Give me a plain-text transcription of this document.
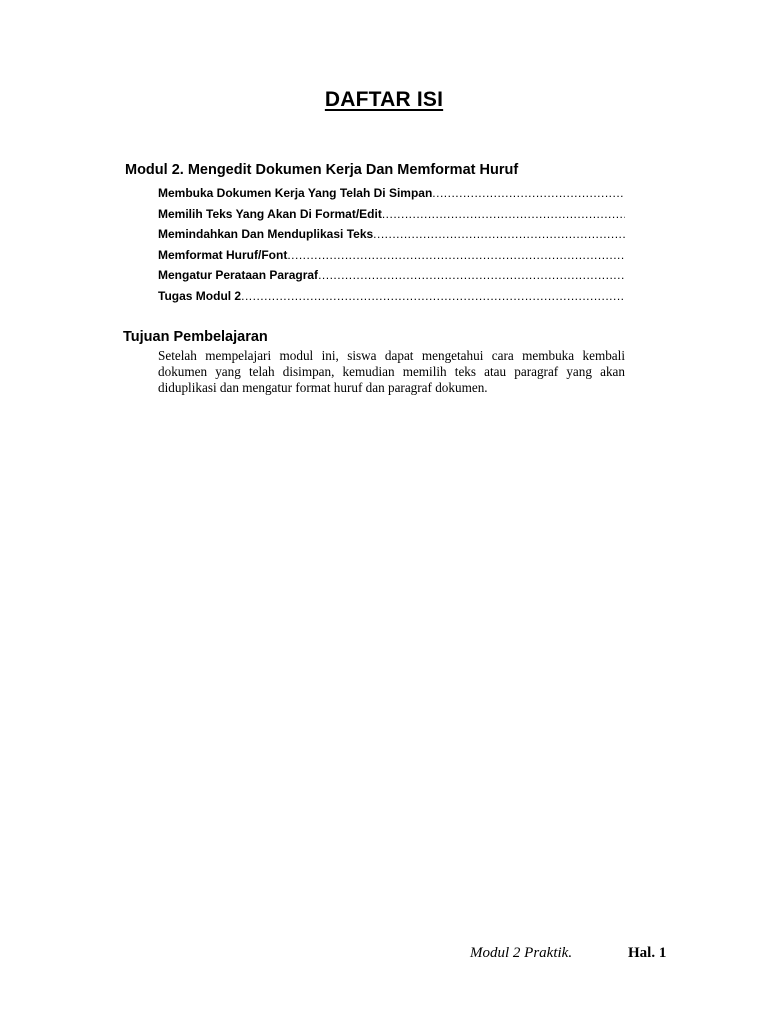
DAFTAR ISI
Modul 2. Mengedit Dokumen Kerja Dan Memformat Huruf
Membuka Dokumen Kerja Yang Telah Di Simpan
.....
Memilih Teks Yang Akan Di Format/Edit
.....
Memindahkan Dan Menduplikasi Teks
.....
Memformat Huruf/Font
.....
Mengatur Perataan Paragraf
.....
Tugas Modul 2
.....
Tujuan Pembelajaran

Setelah mempelajari modul ini, siswa dapat mengetahui cara membuka kembali dokumen yang telah disimpan, kemudian memilih teks atau paragraf yang akan diduplikasi dan mengatur format huruf dan paragraf dokumen.

Modul 2 Praktik.	Hal. 1
